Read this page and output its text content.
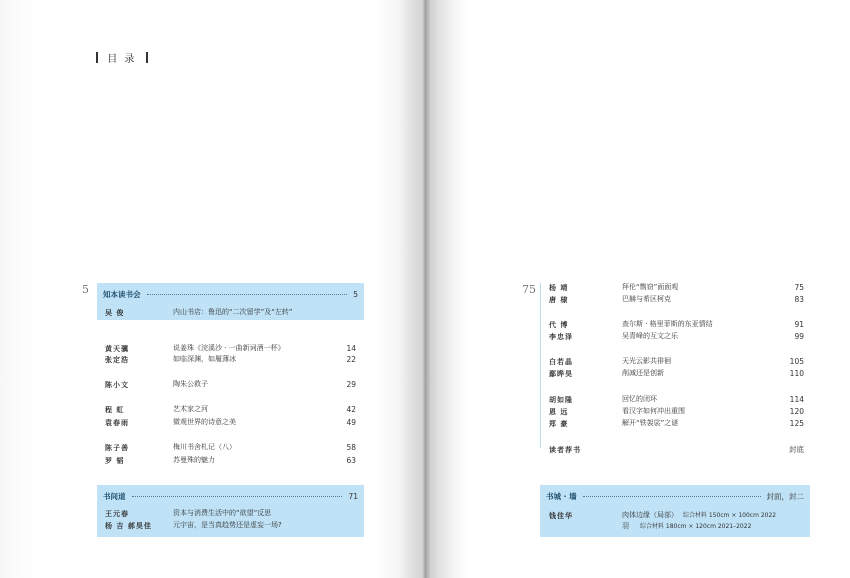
目 录
5 知本读书会	5
吴 俊	内山书店：鲁迅的“二次留学”及“左转”
黄天骥	说姜珠《浣溪沙 · 一曲新词酒一杯》	14
张定浩	如临深渊，如履薄冰	22
陈小文	陶朱公救子	29
程 虹	艺术家之河	42
袁春雨	微观世界的诗意之美	49
陈子善	梅川书舍札记（八）	58
罗 韬	苏曼殊的魅力	63
书间道	71
王元春	资本与消费生活中的“欲望”反思
杨 吉 郝昊佳	元宇宙，是当真趋势还是虚妄一场?
75 杨 靖	拜伦“剽窃”面面观	75
唐 棣	巴赫与希区柯克	83
代 博	查尔斯 · 格里菲斯的东亚情结	91
李忠泽	吴青峰的互文之乐	99
白若晶	天光云影共徘徊	105
鄢晔昊	削减还是创新	110
胡如隆	回忆的闭环	114
恩 远	看汉字如何冲出重围	120
郑 豪	解开“铁袈裟”之谜	125
读者荐书	封底
书城 · 墙	封面，封二
钱佳华	肉体边缘（局部） 综合材料 150cm × 100cm 2022
羽 综合材料 180cm × 120cm 2021–2022
